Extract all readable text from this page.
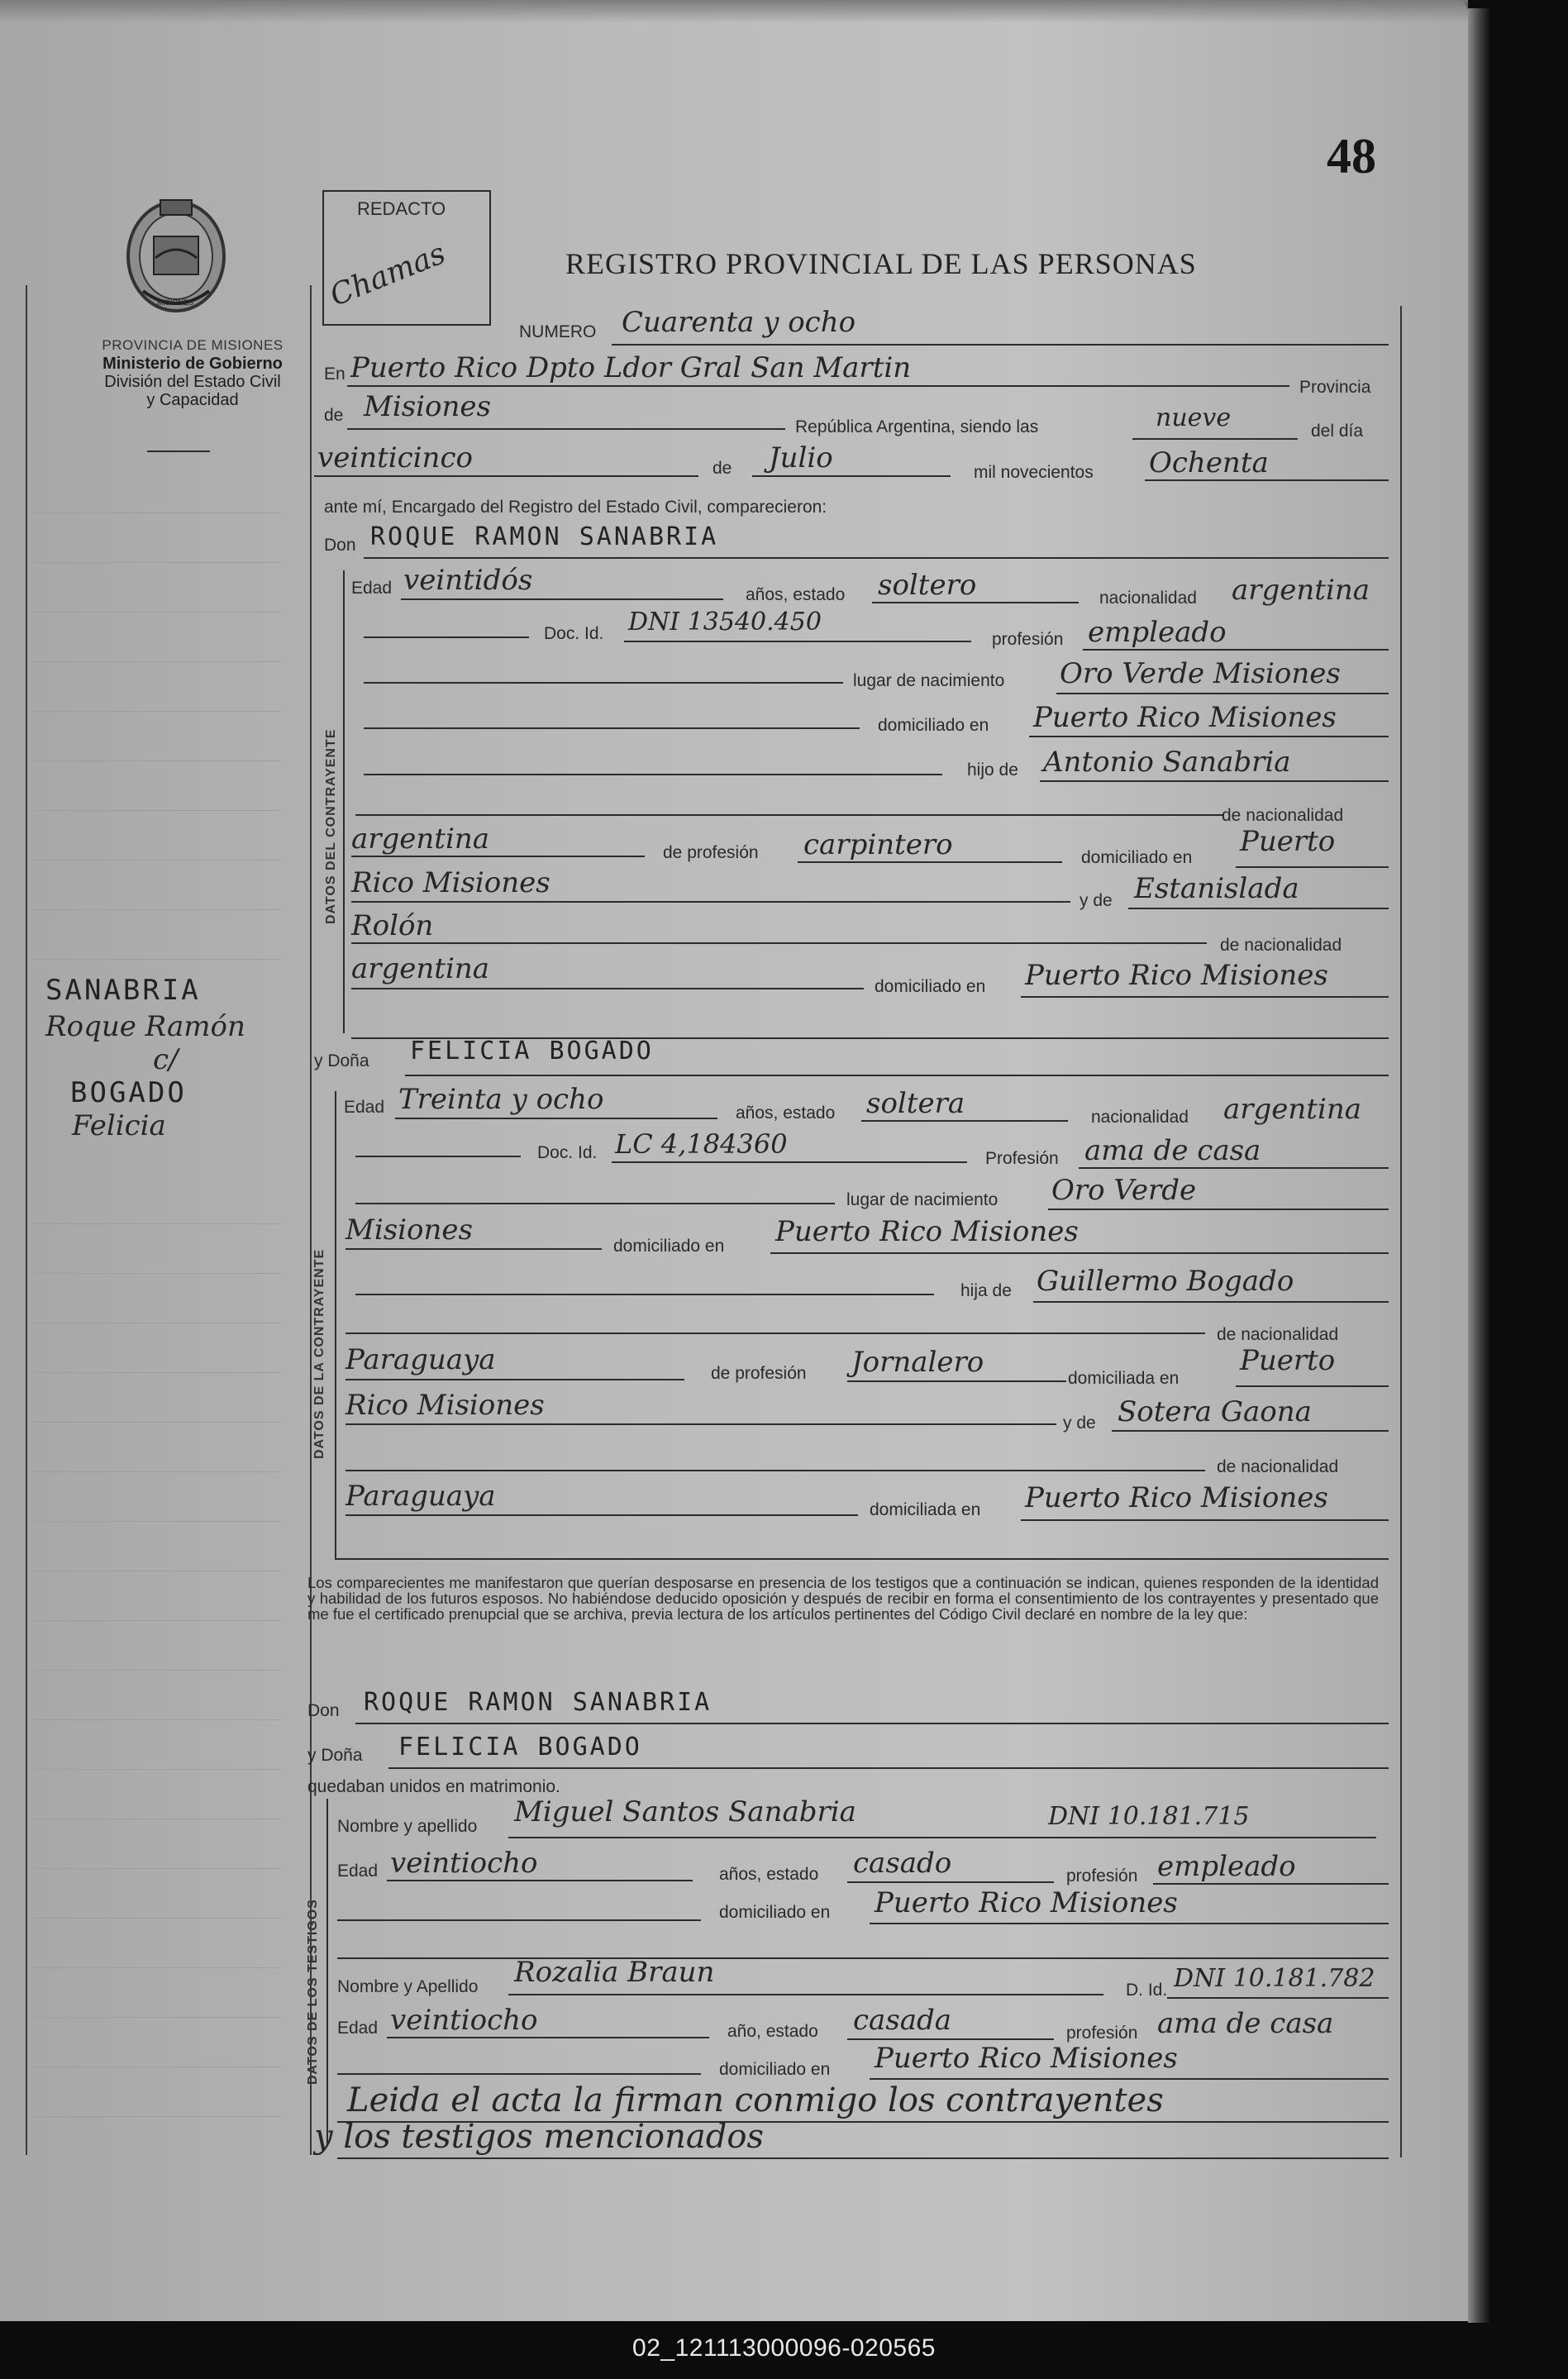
48
MISIONES
PROVINCIA DE MISIONES
Ministerio de Gobierno
División del Estado Civil
y Capacidad
SANABRIA
Roque Ramón
c/
BOGADO
Felicia
REDACTO
Chamas	REGISTRO PROVINCIAL DE LAS PERSONAS
NUMERO Cuarenta y ocho
En Puerto Rico Dpto Ldor Gral San Martin
Provincia
de Misiones
República Argentina, siendo las	nueve	del día
veinticinco	de Julio	mil novecientos Ochenta
ante mí, Encargado del Registro del Estado Civil, comparecieron:
Don ROQUE RAMON SANABRIA
DATOS DEL CONTRAYENTE
Edad veintidós	años, estado soltero	nacionalidad argentina
Doc. Id. DNI 13540.450
profesión empleado
lugar de nacimiento Oro Verde Misiones
domiciliado en Puerto Rico Misiones
hijo de Antonio Sanabria
de nacionalidad
argentina	de profesión carpintero	domiciliado en Puerto
Rico Misiones
y de Estanislada
Rolón
de nacionalidad
argentina
domiciliado en Puerto Rico Misiones
y Doña FELICIA BOGADO
DATOS DE LA CONTRAYENTE
Edad Treinta y ocho	años, estado soltera	nacionalidad argentina
Doc. Id. LC 4,184360	Profesión ama de casa
lugar de nacimiento Oro Verde
Misiones	domiciliado en Puerto Rico Misiones
hija de Guillermo Bogado
de nacionalidad
Paraguaya	de profesión Jornalero	domiciliada en
Puerto
Rico Misiones
y de Sotera Gaona
de nacionalidad
Paraguaya	domiciliada en Puerto Rico Misiones
Los comparecientes me manifestaron que querían desposarse en presencia de los testigos que a continuación se indican, quienes responden de la identidad y habilidad de los futuros esposos. No habiéndose deducido oposición y después de recibir en forma el consentimiento de los contrayentes y presentado que me fue el certificado prenupcial que se archiva, previa lectura de los artículos pertinentes del Código Civil declaré en nombre de la ley que:
Don ROQUE RAMON SANABRIA
y Doña FELICIA BOGADO
quedaban unidos en matrimonio.
DATOS DE LOS TESTIGOS
Nombre y apellido Miguel Santos Sanabria	DNI 10.181.715
Edad veintiocho	años, estado casado	profesión empleado
domiciliado en Puerto Rico Misiones
Nombre y Apellido Rozalia Braun
D. Id. DNI 10.181.782
Edad veintiocho	año, estado casada	profesión ama de casa
domiciliado en Puerto Rico Misiones
Leida el acta la firman conmigo los contrayentes
y los testigos mencionados
02_121113000096-020565
